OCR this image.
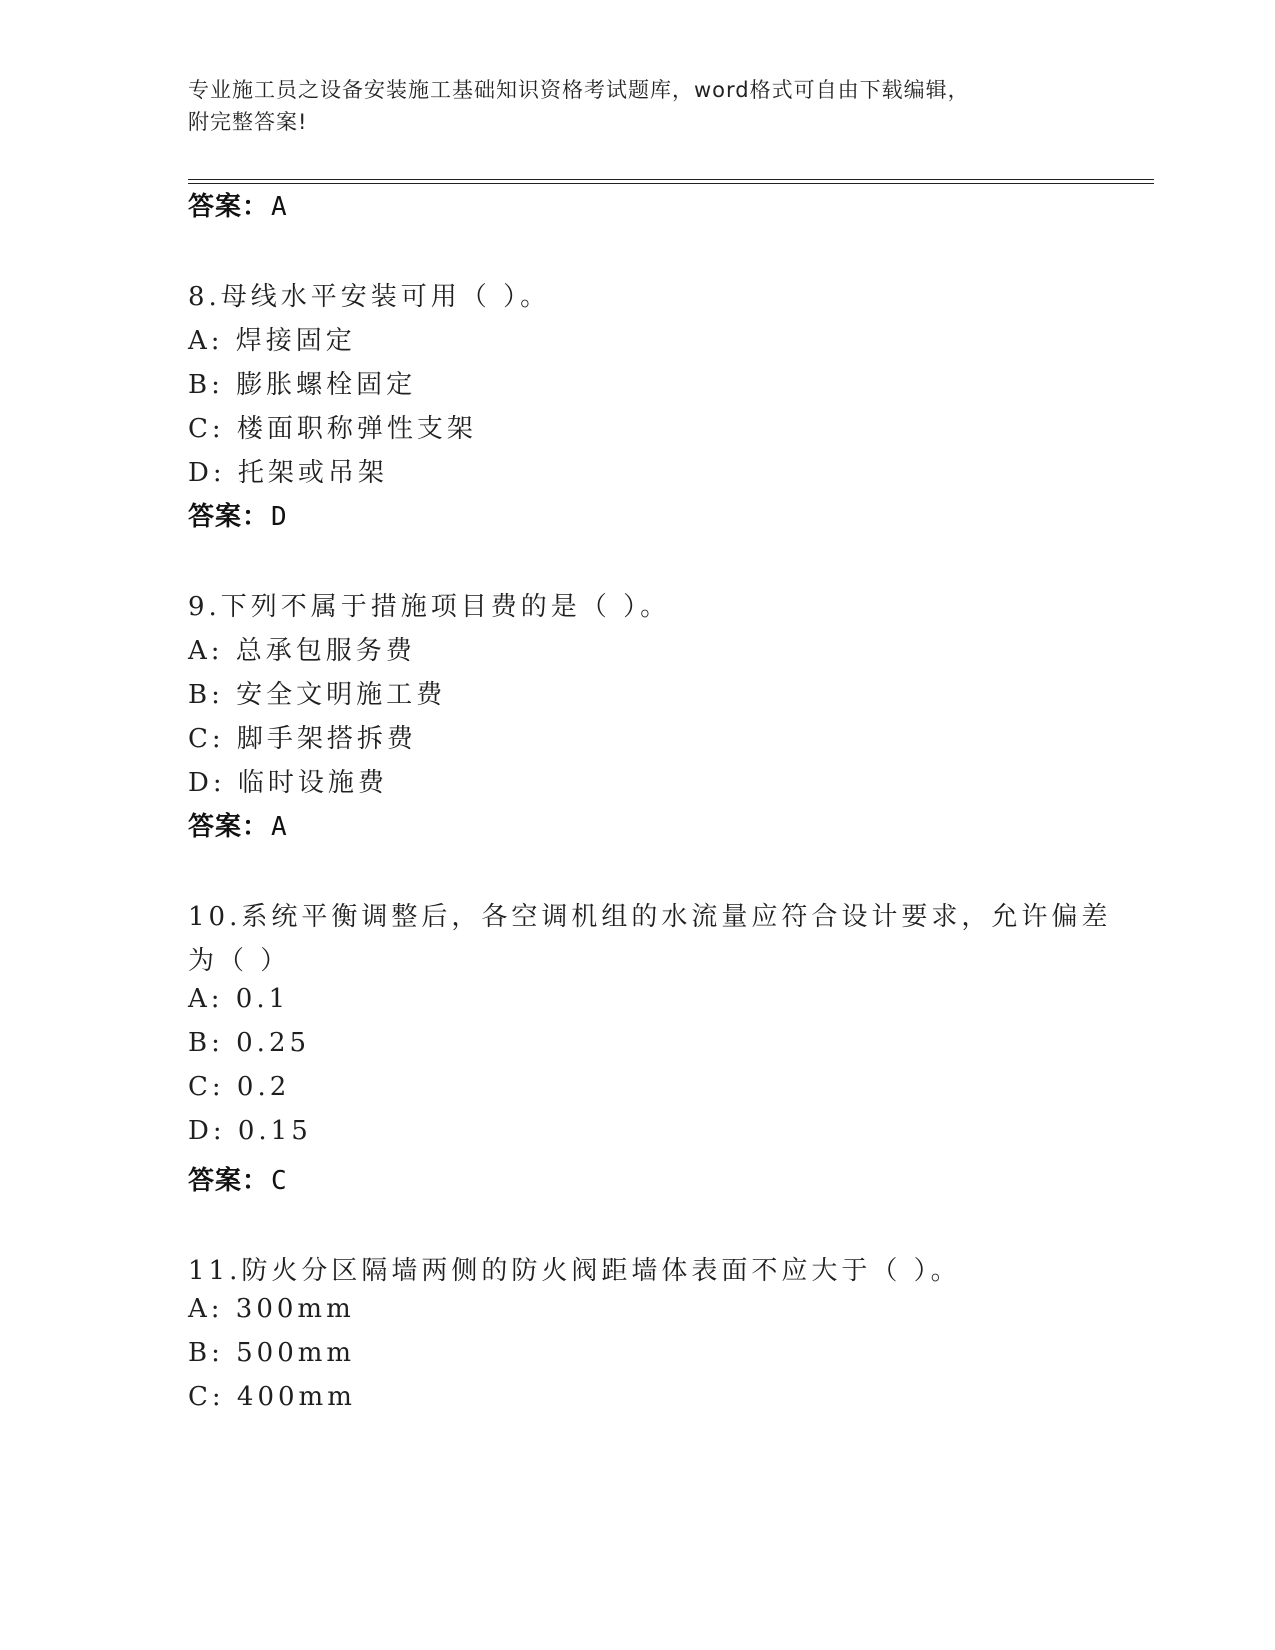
专业施工员之设备安装施工基础知识资格考试题库，word格式可自由下载编辑，
附完整答案!
答案：A
8.母线水平安装可用（ ）。
A: 焊接固定
B: 膨胀螺栓固定
C: 楼面职称弹性支架
D: 托架或吊架
答案：D
9.下列不属于措施项目费的是（ ）。
A: 总承包服务费
B: 安全文明施工费
C: 脚手架搭拆费
D: 临时设施费
答案：A
10.系统平衡调整后，各空调机组的水流量应符合设计要求，允许偏差
为（ ）
A: 0.1
B: 0.25
C: 0.2
D: 0.15
答案：C
11.防火分区隔墙两侧的防火阀距墙体表面不应大于（ ）。
A: 300mm
B: 500mm
C: 400mm
